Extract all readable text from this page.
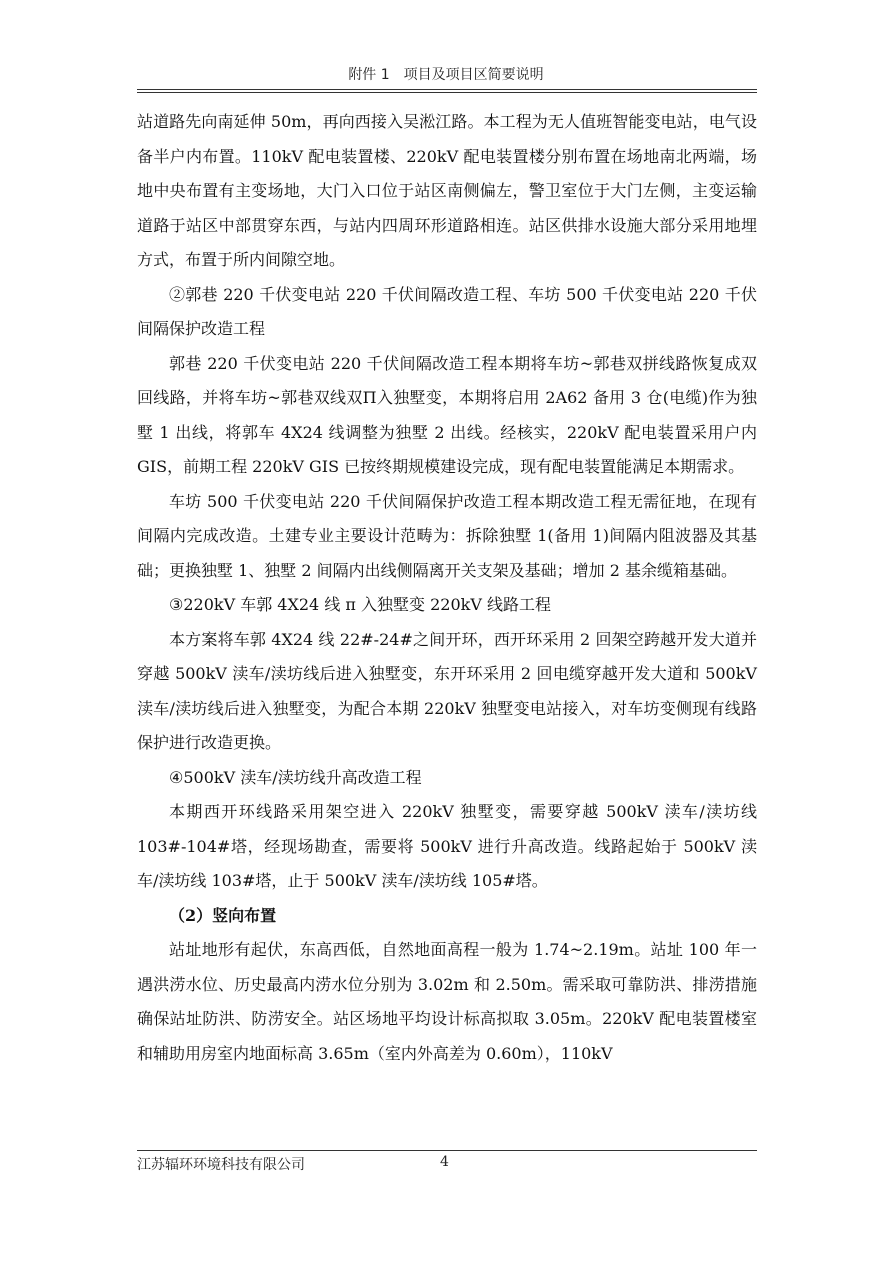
附件 1　项目及项目区简要说明

站道路先向南延伸 50m，再向西接入吴淞江路。本工程为无人值班智能变电站，电气设备半户内布置。110kV 配电装置楼、220kV 配电装置楼分别布置在场地南北两端，场地中央布置有主变场地，大门入口位于站区南侧偏左，警卫室位于大门左侧，主变运输道路于站区中部贯穿东西，与站内四周环形道路相连。站区供排水设施大部分采用地埋方式，布置于所内间隙空地。

②郭巷 220 千伏变电站 220 千伏间隔改造工程、车坊 500 千伏变电站 220 千伏间隔保护改造工程

郭巷 220 千伏变电站 220 千伏间隔改造工程本期将车坊~郭巷双拼线路恢复成双回线路，并将车坊~郭巷双线双Π入独墅变，本期将启用 2A62 备用 3 仓(电缆)作为独墅 1 出线，将郭车 4X24 线调整为独墅 2 出线。经核实，220kV 配电装置采用户内 GIS，前期工程 220kV GIS 已按终期规模建设完成，现有配电装置能满足本期需求。

车坊 500 千伏变电站 220 千伏间隔保护改造工程本期改造工程无需征地，在现有间隔内完成改造。土建专业主要设计范畴为：拆除独墅 1(备用 1)间隔内阻波器及其基础；更换独墅 1、独墅 2 间隔内出线侧隔离开关支架及基础；增加 2 基余缆箱基础。

③220kV 车郭 4X24 线 π 入独墅变 220kV 线路工程

本方案将车郭 4X24 线 22#-24#之间开环，西开环采用 2 回架空跨越开发大道并穿越 500kV 渎车/渎坊线后进入独墅变，东开环采用 2 回电缆穿越开发大道和 500kV 渎车/渎坊线后进入独墅变，为配合本期 220kV 独墅变电站接入，对车坊变侧现有线路保护进行改造更换。

④500kV 渎车/渎坊线升高改造工程

本期西开环线路采用架空进入 220kV 独墅变，需要穿越 500kV 渎车/渎坊线 103#-104#塔，经现场勘查，需要将 500kV 进行升高改造。线路起始于 500kV 渎车/渎坊线 103#塔，止于 500kV 渎车/渎坊线 105#塔。

（2）竖向布置

站址地形有起伏，东高西低，自然地面高程一般为 1.74~2.19m。站址 100 年一遇洪涝水位、历史最高内涝水位分别为 3.02m 和 2.50m。需采取可靠防洪、排涝措施确保站址防洪、防涝安全。站区场地平均设计标高拟取 3.05m。220kV 配电装置楼室和辅助用房室内地面标高 3.65m（室内外高差为 0.60m），110kV

江苏辐环环境科技有限公司	4
